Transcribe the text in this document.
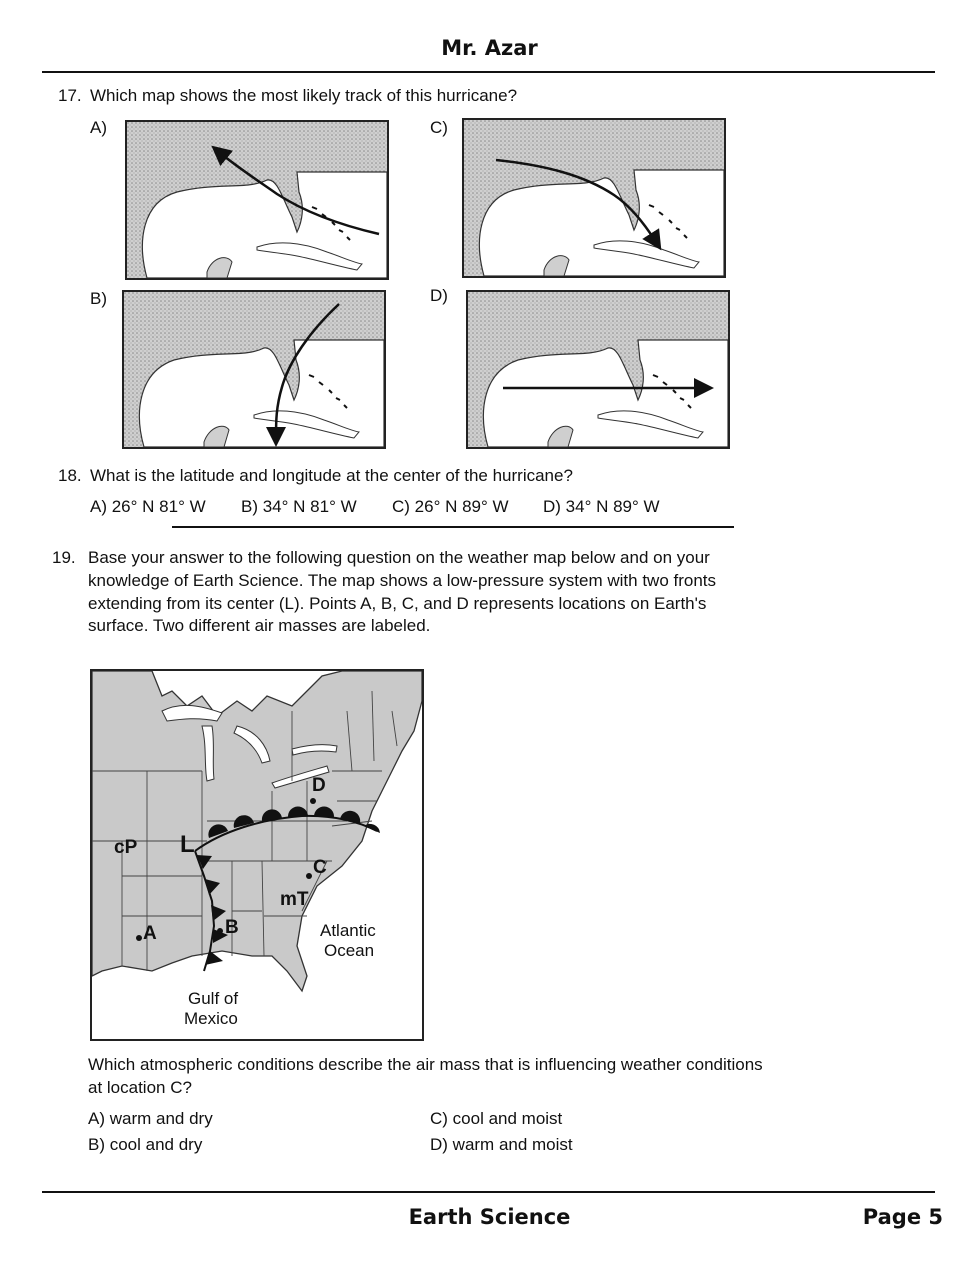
Mr. Azar
17. Which map shows the most likely track of this hurricane?
A)	C)
B)	D)
18. What is the latitude and longitude at the center of the hurricane?
A) 26° N 81° W B) 34° N 81° W C) 26° N 89° W D) 34° N 89° W
19. Base your answer to the following question on the weather map below and on your
knowledge of Earth Science. The map shows a low-pressure system with two fronts
extending from its center (L). Points A, B, C, and D represents locations on Earth's
surface. Two different air masses are labeled.
L
cP
mT
A	B
C
D
Atlantic
Ocean
Gulf of
Mexico
Which atmospheric conditions describe the air mass that is influencing weather conditions
at location C?
A) warm and dry
B) cool and dry
C) cool and moist
D) warm and moist
Earth Science	Page 5
